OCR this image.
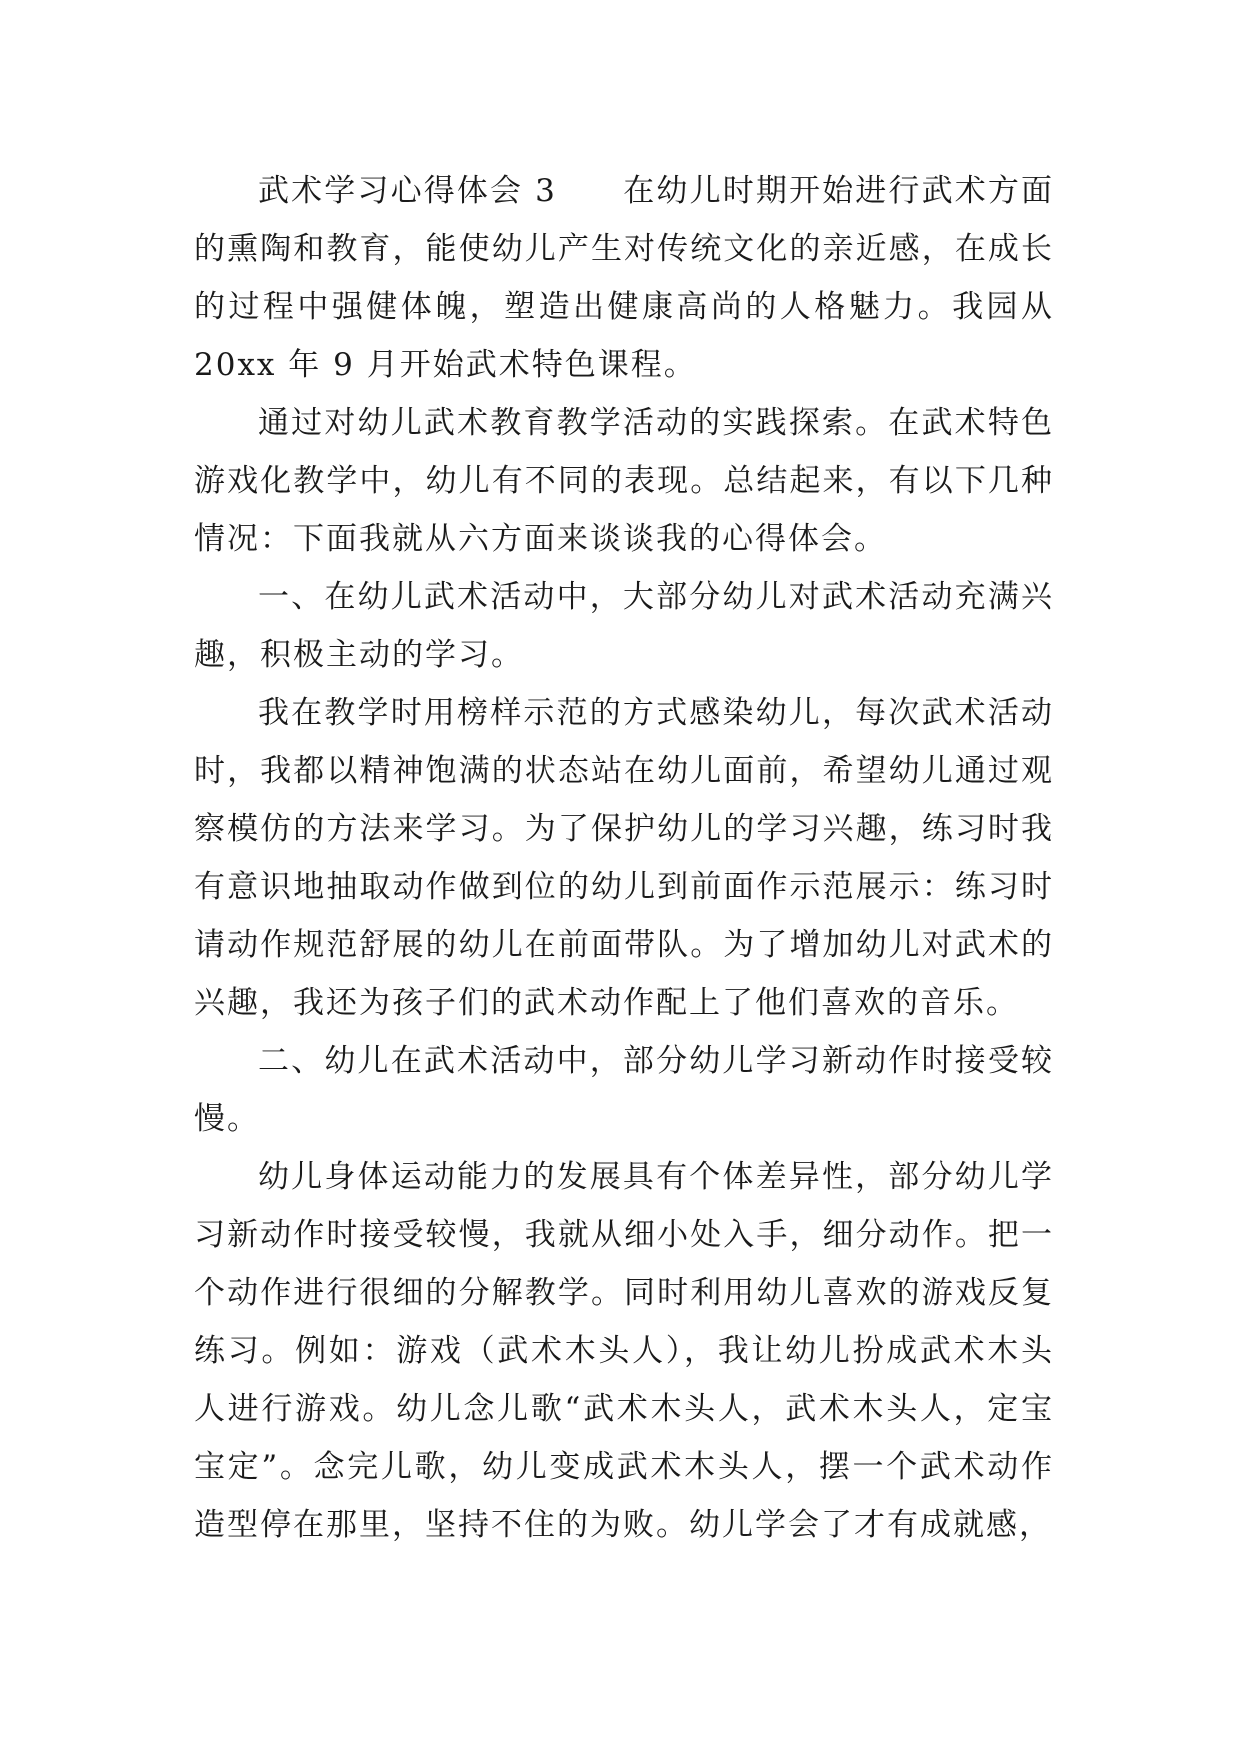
武术学习心得体会 3　　在幼儿时期开始进行武术方面的熏陶和教育，能使幼儿产生对传统文化的亲近感，在成长的过程中强健体魄，塑造出健康高尚的人格魅力。我园从20xx 年 9 月开始武术特色课程。

通过对幼儿武术教育教学活动的实践探索。在武术特色游戏化教学中，幼儿有不同的表现。总结起来，有以下几种情况：下面我就从六方面来谈谈我的心得体会。

一、在幼儿武术活动中，大部分幼儿对武术活动充满兴趣，积极主动的学习。

我在教学时用榜样示范的方式感染幼儿，每次武术活动时，我都以精神饱满的状态站在幼儿面前，希望幼儿通过观察模仿的方法来学习。为了保护幼儿的学习兴趣，练习时我有意识地抽取动作做到位的幼儿到前面作示范展示：练习时请动作规范舒展的幼儿在前面带队。为了增加幼儿对武术的兴趣，我还为孩子们的武术动作配上了他们喜欢的音乐。

二、幼儿在武术活动中，部分幼儿学习新动作时接受较慢。

幼儿身体运动能力的发展具有个体差异性，部分幼儿学习新动作时接受较慢，我就从细小处入手，细分动作。把一个动作进行很细的分解教学。同时利用幼儿喜欢的游戏反复练习。例如：游戏（武术木头人），我让幼儿扮成武术木头人进行游戏。幼儿念儿歌“武术木头人，武术木头人，定宝宝定”。念完儿歌，幼儿变成武术木头人，摆一个武术动作造型停在那里，坚持不住的为败。幼儿学会了才有成就感，
